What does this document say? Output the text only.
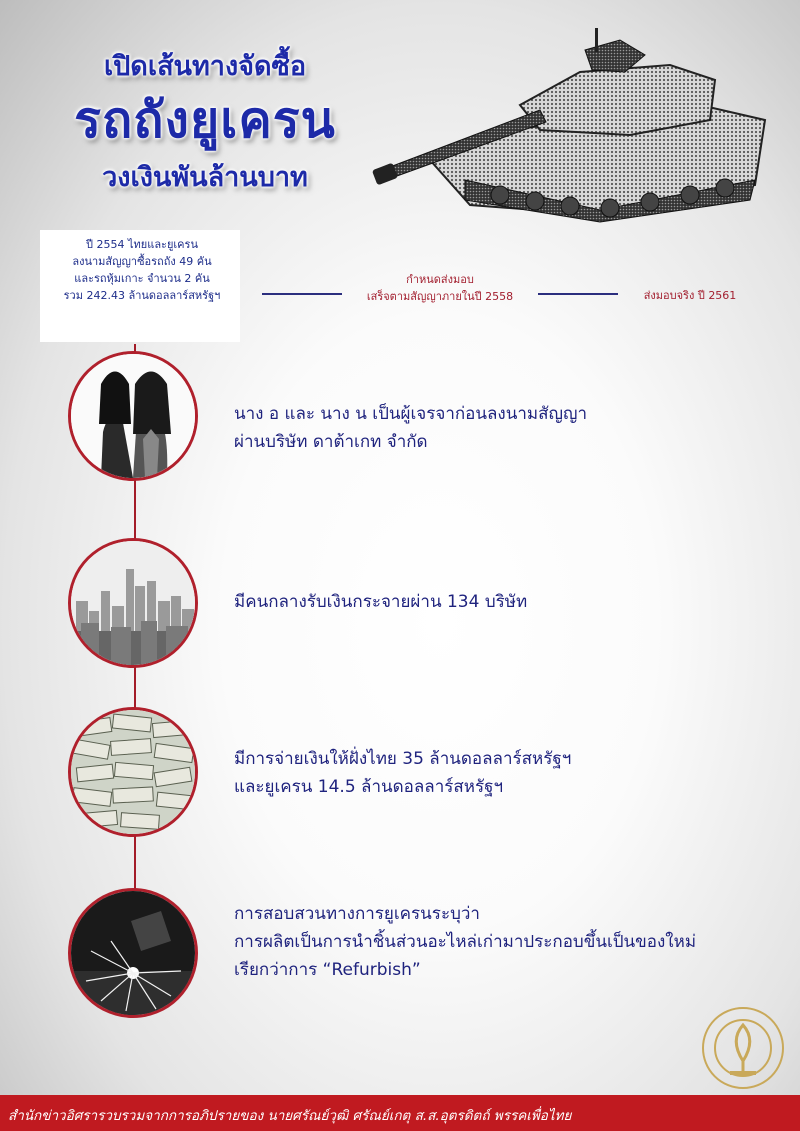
เปิดเส้นทางจัดซื้อ
รถถังยูเครน
วงเงินพันล้านบาท
ปี 2554 ไทยและยูเครน
ลงนามสัญญาซื้อรถถัง 49 คัน
และรถหุ้มเกาะ จำนวน 2 คัน
รวม 242.43 ล้านดอลลาร์สหรัฐฯ
กำหนดส่งมอบ
เสร็จตามสัญญาภายในปี 2558	ส่งมอบจริง ปี 2561
นาง อ และ นาง น เป็นผู้เจรจาก่อนลงนามสัญญา
ผ่านบริษัท ดาต้าเกท จำกัด
มีคนกลางรับเงินกระจายผ่าน 134 บริษัท
มีการจ่ายเงินให้ฝั่งไทย 35 ล้านดอลลาร์สหรัฐฯ
และยูเครน 14.5 ล้านดอลลาร์สหรัฐฯ
การสอบสวนทางการยูเครนระบุว่า
การผลิตเป็นการนำชิ้นส่วนอะไหล่เก่ามาประกอบขึ้นเป็นของใหม่
เรียกว่าการ “Refurbish”
สำนักข่าวอิศรารวบรวมจากการอภิปรายของ นายศรัณย์วุฒิ ศรัณย์เกตุ ส.ส.อุตรดิตถ์ พรรคเพื่อไทย
